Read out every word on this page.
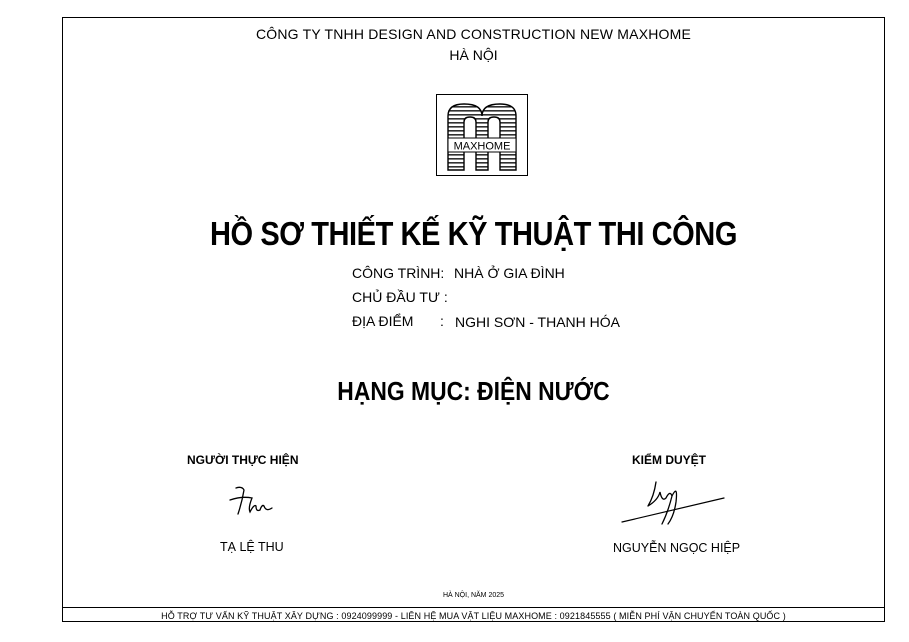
CÔNG TY TNHH DESIGN AND CONSTRUCTION NEW MAXHOME
HÀ NỘI
MAXHOME
HỒ SƠ THIẾT KẾ KỸ THUẬT THI CÔNG
CÔNG TRÌNH: NHÀ Ở GIA ĐÌNH
CHỦ ĐẦU TƯ :
ĐỊA ĐIỂM : NGHI SƠN - THANH HÓA
HẠNG MỤC: ĐIỆN NƯỚC
NGƯỜI THỰC HIỆN
TẠ LỆ THU
KIỂM DUYỆT
NGUYỄN NGỌC HIỆP
HÀ NỘI, NĂM 2025
HỖ TRỢ TƯ VẤN KỸ THUẬT XÂY DỰNG : 0924099999 - LIÊN HỆ MUA VẬT LIỆU MAXHOME : 0921845555 ( MIỄN PHÍ VẬN CHUYỂN TOÀN QUỐC )
